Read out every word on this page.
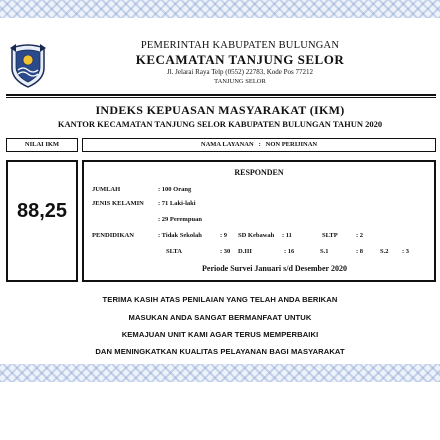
PEMERINTAH KABUPATEN BULUNGAN
KECAMATAN TANJUNG SELOR
Jl. Jelarai Raya Telp (0552) 22783, Kode Pos 77212
TANJUNG SELOR
INDEKS KEPUASAN MASYARAKAT (IKM)
KANTOR KECAMATAN TANJUNG SELOR KABUPATEN BULUNGAN TAHUN 2020
NILAI IKM	NAMA LAYANAN : NON PERIJINAN
88,25
RESPONDEN
JUMLAH	: 100 Orang
JENIS KELAMIN : 71 Laki-laki
: 29 Perempuan
PENDIDIKAN	: Tidak Sekolah	: 9 SD Kebawah : 11	SLTP	: 2
SLTA	: 30 D.III	: 16	S.1	: 8	S.2 : 3
Periode Survei Januari s/d Desember 2020
TERIMA KASIH ATAS PENILAIAN YANG TELAH ANDA BERIKAN
MASUKAN ANDA SANGAT BERMANFAAT UNTUK
KEMAJUAN UNIT KAMI AGAR TERUS MEMPERBAIKI
DAN MENINGKATKAN KUALITAS PELAYANAN BAGI MASYARAKAT
